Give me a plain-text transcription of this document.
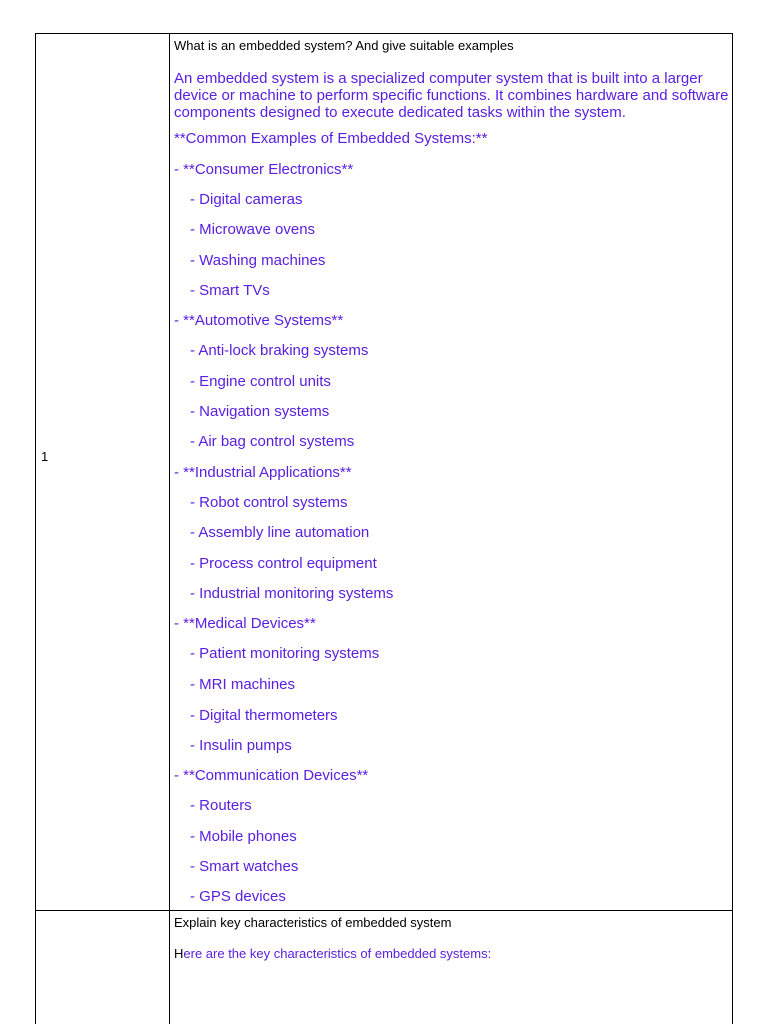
1
What is an embedded system? And give suitable examples
An embedded system is a specialized computer system that is built into a larger device or machine to perform specific functions. It combines hardware and software components designed to execute dedicated tasks within the system.
**Common Examples of Embedded Systems:**
- **Consumer Electronics**
- Digital cameras
- Microwave ovens
- Washing machines
- Smart TVs
- **Automotive Systems**
- Anti-lock braking systems
- Engine control units
- Navigation systems
- Air bag control systems
- **Industrial Applications**
- Robot control systems
- Assembly line automation
- Process control equipment
- Industrial monitoring systems
- **Medical Devices**
- Patient monitoring systems
- MRI machines
- Digital thermometers
- Insulin pumps
- **Communication Devices**
- Routers
- Mobile phones
- Smart watches
- GPS devices
Explain key characteristics of embedded system
Here are the key characteristics of embedded systems:
